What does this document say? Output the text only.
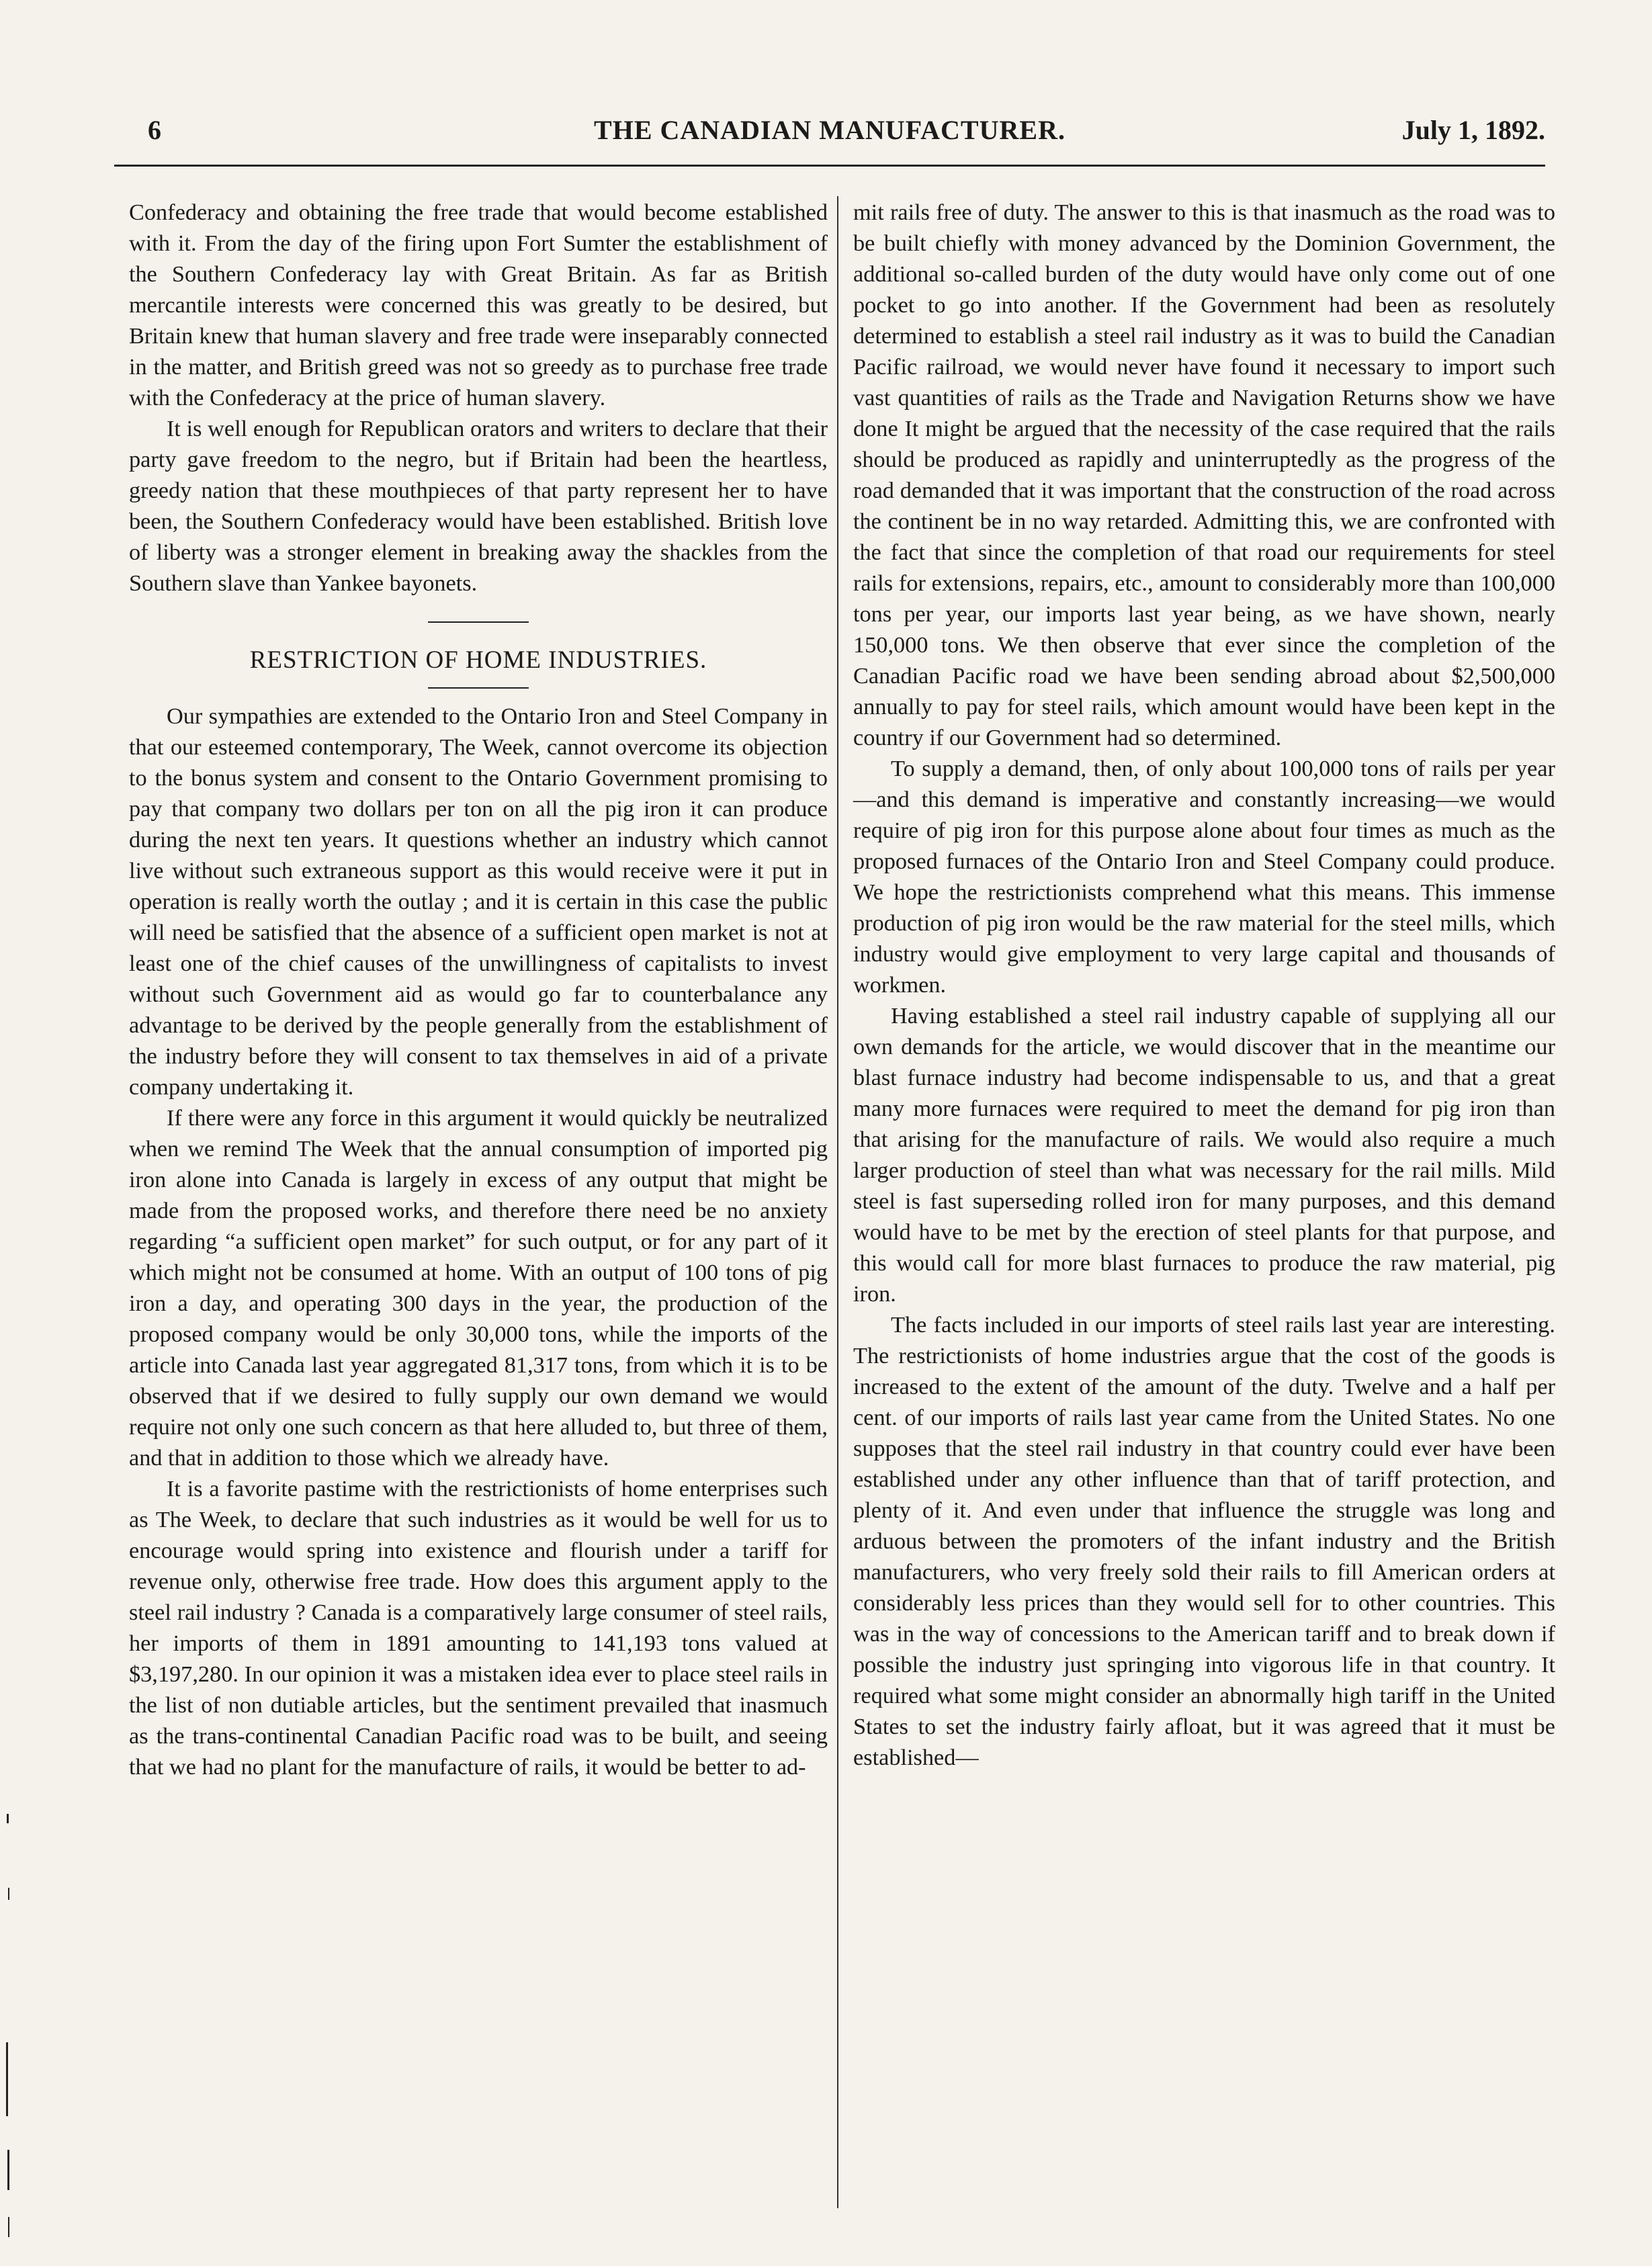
6	THE CANADIAN MANUFACTURER.	July 1, 1892.

Confederacy and obtaining the free trade that would become established with it. From the day of the firing upon Fort Sumter the establishment of the Southern Confederacy lay with Great Britain. As far as British mercantile interests were concerned this was greatly to be desired, but Britain knew that human slavery and free trade were inseparably connected in the matter, and British greed was not so greedy as to purchase free trade with the Confederacy at the price of human slavery.

It is well enough for Republican orators and writers to declare that their party gave freedom to the negro, but if Britain had been the heartless, greedy nation that these mouthpieces of that party represent her to have been, the Southern Confederacy would have been established. British love of liberty was a stronger element in breaking away the shackles from the Southern slave than Yankee bayonets.

RESTRICTION OF HOME INDUSTRIES.

Our sympathies are extended to the Ontario Iron and Steel Company in that our esteemed contemporary, The Week, cannot overcome its objection to the bonus system and consent to the Ontario Government promising to pay that company two dollars per ton on all the pig iron it can produce during the next ten years. It questions whether an industry which cannot live without such extraneous support as this would receive were it put in operation is really worth the outlay ; and it is certain in this case the public will need be satisfied that the absence of a sufficient open market is not at least one of the chief causes of the unwillingness of capitalists to invest without such Government aid as would go far to counterbalance any advantage to be derived by the people generally from the establishment of the industry before they will consent to tax themselves in aid of a private company undertaking it.

If there were any force in this argument it would quickly be neutralized when we remind The Week that the annual consumption of imported pig iron alone into Canada is largely in excess of any output that might be made from the proposed works, and therefore there need be no anxiety regarding “a sufficient open market” for such output, or for any part of it which might not be consumed at home. With an output of 100 tons of pig iron a day, and operating 300 days in the year, the production of the proposed company would be only 30,000 tons, while the imports of the article into Canada last year aggregated 81,317 tons, from which it is to be observed that if we desired to fully supply our own demand we would require not only one such concern as that here alluded to, but three of them, and that in addition to those which we already have.

It is a favorite pastime with the restrictionists of home enterprises such as The Week, to declare that such industries as it would be well for us to encourage would spring into existence and flourish under a tariff for revenue only, otherwise free trade. How does this argument apply to the steel rail industry ? Canada is a comparatively large consumer of steel rails, her imports of them in 1891 amounting to 141,193 tons valued at $3,197,280. In our opinion it was a mistaken idea ever to place steel rails in the list of non dutiable articles, but the sentiment prevailed that inasmuch as the trans-continental Canadian Pacific road was to be built, and seeing that we had no plant for the manufacture of rails, it would be better to ad-

mit rails free of duty. The answer to this is that inasmuch as the road was to be built chiefly with money advanced by the Dominion Government, the additional so-called burden of the duty would have only come out of one pocket to go into another. If the Government had been as resolutely determined to establish a steel rail industry as it was to build the Canadian Pacific railroad, we would never have found it necessary to import such vast quantities of rails as the Trade and Navigation Returns show we have done It might be argued that the necessity of the case required that the rails should be produced as rapidly and uninterruptedly as the progress of the road demanded that it was important that the construction of the road across the continent be in no way retarded. Admitting this, we are confronted with the fact that since the completion of that road our requirements for steel rails for extensions, repairs, etc., amount to considerably more than 100,000 tons per year, our imports last year being, as we have shown, nearly 150,000 tons. We then observe that ever since the completion of the Canadian Pacific road we have been sending abroad about $2,500,000 annually to pay for steel rails, which amount would have been kept in the country if our Government had so determined.

To supply a demand, then, of only about 100,000 tons of rails per year—and this demand is imperative and constantly increasing—we would require of pig iron for this purpose alone about four times as much as the proposed furnaces of the Ontario Iron and Steel Company could produce. We hope the restrictionists comprehend what this means. This immense production of pig iron would be the raw material for the steel mills, which industry would give employment to very large capital and thousands of workmen.

Having established a steel rail industry capable of supplying all our own demands for the article, we would discover that in the meantime our blast furnace industry had become indispensable to us, and that a great many more furnaces were required to meet the demand for pig iron than that arising for the manufacture of rails. We would also require a much larger production of steel than what was necessary for the rail mills. Mild steel is fast superseding rolled iron for many purposes, and this demand would have to be met by the erection of steel plants for that purpose, and this would call for more blast furnaces to produce the raw material, pig iron.

The facts included in our imports of steel rails last year are interesting. The restrictionists of home industries argue that the cost of the goods is increased to the extent of the amount of the duty. Twelve and a half per cent. of our imports of rails last year came from the United States. No one supposes that the steel rail industry in that country could ever have been established under any other influence than that of tariff protection, and plenty of it. And even under that influence the struggle was long and arduous between the promoters of the infant industry and the British manufacturers, who very freely sold their rails to fill American orders at considerably less prices than they would sell for to other countries. This was in the way of concessions to the American tariff and to break down if possible the industry just springing into vigorous life in that country. It required what some might consider an abnormally high tariff in the United States to set the industry fairly afloat, but it was agreed that it must be established—
